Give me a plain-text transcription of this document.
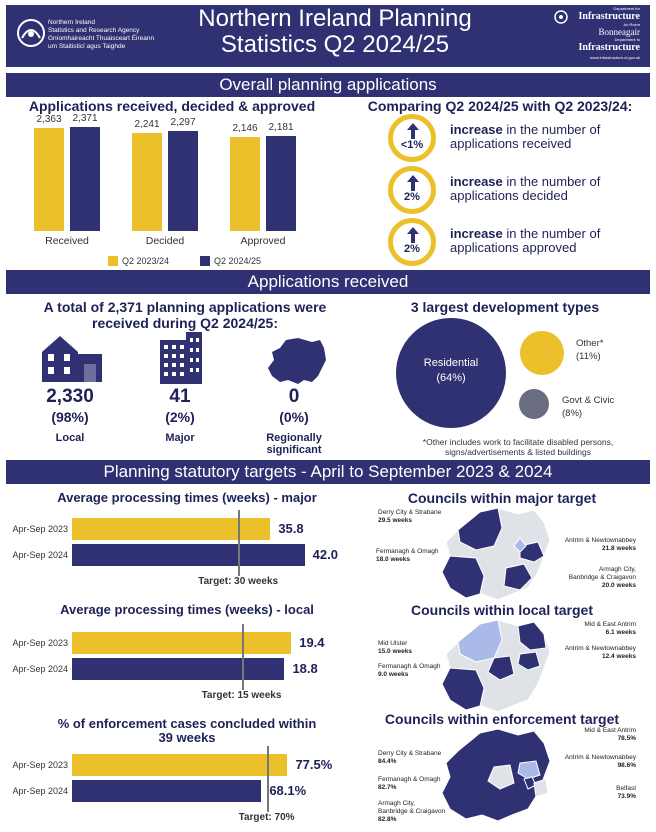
Northern Ireland
Statistics and Research Agency
Gníomhaireacht Thuaisceart Éireann
um Staitisticí agus Taighde
Northern Ireland Planning
Statistics Q2 2024/25
Department for
Infrastructure
An Roinn
Bonneagair
Department fo
Infrastructure
www.infrastructure-ni.gov.uk
Overall planning applications
Applications received, decided & approved
2,363	2,371
Received
2,241	2,297
Decided
2,146	2,181
Approved
Q2 2023/24	Q2 2024/25
Comparing Q2 2024/25 with Q2 2023/24:
<1%
increase in the number of
applications received
2%
increase in the number of
applications decided
2%
increase in the number of
applications approved
Applications received
A total of 2,371 planning applications were
received during Q2 2024/25:
2,330
(98%)
Local
41
(2%)
Major
0
(0%)
Regionally
significant
3 largest development types
Residential
(64%)
Other*
(11%)
Govt & Civic
(8%)
*Other includes work to facilitate disabled persons,
signs/advertisements & listed buildings
Planning statutory targets - April to September 2023 & 2024
Average processing times (weeks) - major
Apr-Sep 2023	35.8
Apr-Sep 2024	42.0
Target: 30 weeks
Average processing times (weeks) - local
Apr-Sep 2023	19.4
Apr-Sep 2024	18.8
Target: 15 weeks
% of enforcement cases concluded within
39 weeks
Apr-Sep 2023	77.5%
Apr-Sep 2024	68.1%
Target: 70%
Councils within major target
Derry City & Strabane
29.5 weeks
Fermanagh & Omagh
18.0 weeks
Antrim & Newtownabbey
21.8 weeks
Armagh City,
Banbridge & Craigavon
20.0 weeks
Councils within local target
Mid & East Antrim
6.1 weeks
Mid Ulster
15.0 weeks	Antrim & Newtownabbey
12.4 weeks
Fermanagh & Omagh
9.0 weeks
Councils within enforcement target
Mid & East Antrim
78.5%
Derry City & Strabane
84.4%
Antrim & Newtownabbey
98.6%
Fermanagh & Omagh
82.7%	Belfast
73.9%
Armagh City,
Banbridge & Craigavon
82.8%
